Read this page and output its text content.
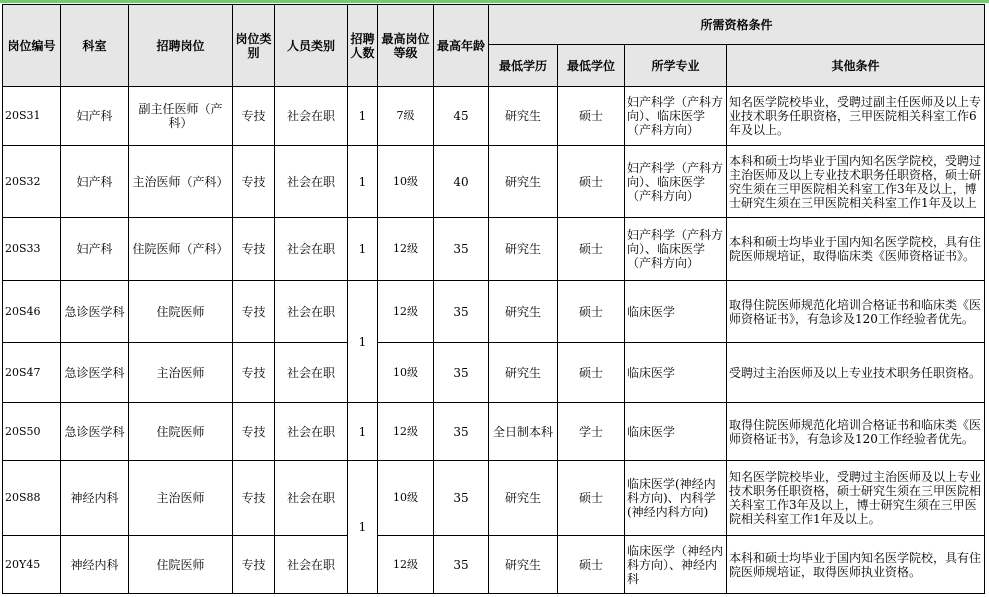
岗位编号	科室	招聘岗位	岗位类别	人员类别	招聘人数	最高岗位等级	最高年龄	所需资格条件			
								最低学历	最低学位	所学专业	其他条件
20S31	妇产科	副主任医师（产科）	专技	社会在职	1	7级	45	研究生	硕士	妇产科学（产科方向）、临床医学（产科方向）	知名医学院校毕业，受聘过副主任医师及以上专业技术职务任职资格，三甲医院相关科室工作6年及以上。
20S32	妇产科	主治医师（产科）	专技	社会在职	1	10级	40	研究生	硕士	妇产科学（产科方向）、临床医学（产科方向）	本科和硕士均毕业于国内知名医学院校，受聘过主治医师及以上专业技术职务任职资格，硕士研究生须在三甲医院相关科室工作3年及以上，博士研究生须在三甲医院相关科室工作1年及以上
20S33	妇产科	住院医师（产科）	专技	社会在职	1	12级	35	研究生	硕士	妇产科学（产科方向）、临床医学　（产科方向）	本科和硕士均毕业于国内知名医学院校，具有住院医师规培证，取得临床类《医师资格证书》。
20S46	急诊医学科	住院医师	专技	社会在职	1	12级	35	研究生	硕士	临床医学	取得住院医师规范化培训合格证书和临床类《医师资格证书》，有急诊及120工作经验者优先。
20S47	急诊医学科	主治医师	专技	社会在职		10级	35	研究生	硕士	临床医学	受聘过主治医师及以上专业技术职务任职资格。
20S50	急诊医学科	住院医师	专技	社会在职	1	12级	35	全日制本科	学士	临床医学	取得住院医师规范化培训合格证书和临床类《医师资格证书》，有急诊及120工作经验者优先。
20S88	神经内科	主治医师	专技	社会在职	1	10级	35	研究生	硕士	临床医学(神经内科方向)、内科学(神经内科方向)	知名医学院校毕业，受聘过主治医师及以上专业技术职务任职资格，硕士研究生须在三甲医院相关科室工作3年及以上，博士研究生须在三甲医院相关科室工作1年及以上。
20Y45	神经内科	住院医师	专技	社会在职		12级	35	研究生	硕士	临床医学（神经内科方向）、神经内科	本科和硕士均毕业于国内知名医学院校，具有住院医师规培证，取得医师执业资格。
